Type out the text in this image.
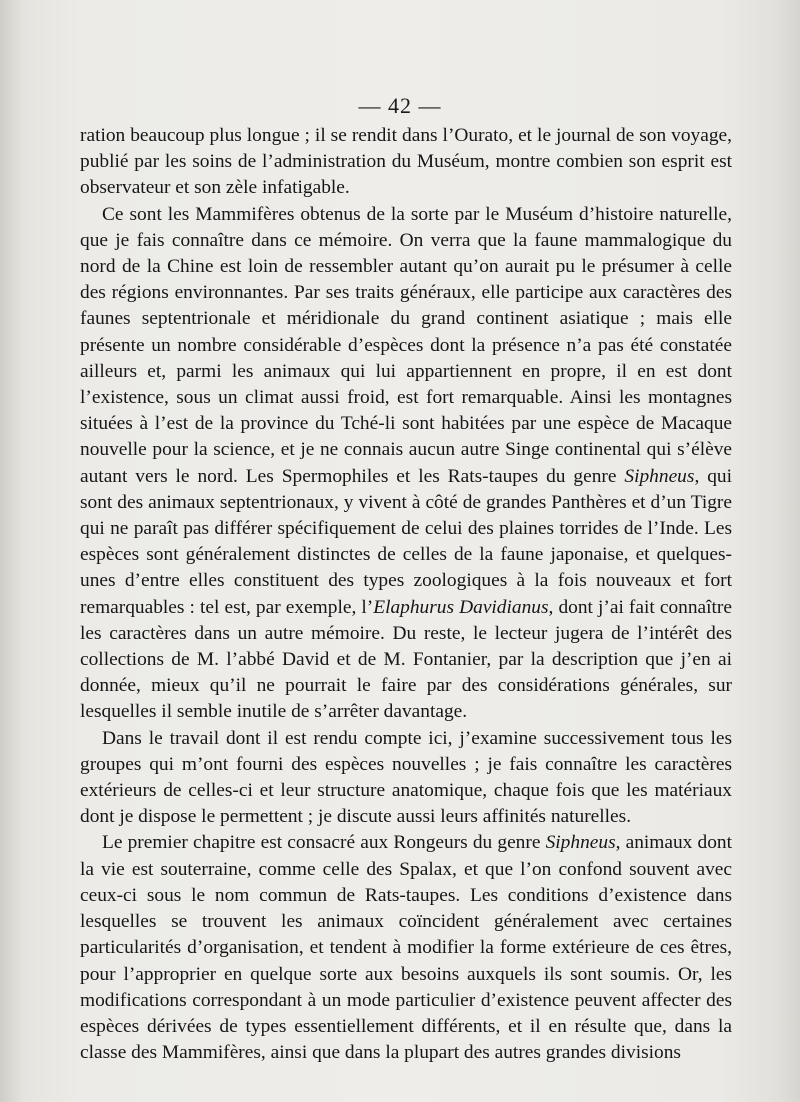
— 42 —

ration beaucoup plus longue ; il se rendit dans l’Ourato, et le journal de son voyage, publié par les soins de l’administration du Muséum, montre combien son esprit est observateur et son zèle infatigable.

Ce sont les Mammifères obtenus de la sorte par le Muséum d’histoire naturelle, que je fais connaître dans ce mémoire. On verra que la faune mammalogique du nord de la Chine est loin de ressembler autant qu’on aurait pu le présumer à celle des régions environnantes. Par ses traits généraux, elle participe aux caractères des faunes septentrionale et méridionale du grand continent asiatique ; mais elle présente un nombre considérable d’espèces dont la présence n’a pas été constatée ailleurs et, parmi les animaux qui lui appartiennent en propre, il en est dont l’existence, sous un climat aussi froid, est fort remarquable. Ainsi les montagnes situées à l’est de la province du Tché-li sont habitées par une espèce de Macaque nouvelle pour la science, et je ne connais aucun autre Singe continental qui s’élève autant vers le nord. Les Spermophiles et les Rats-taupes du genre Siphneus, qui sont des animaux septentrionaux, y vivent à côté de grandes Panthères et d’un Tigre qui ne paraît pas différer spécifiquement de celui des plaines torrides de l’Inde. Les espèces sont généralement distinctes de celles de la faune japonaise, et quelques-unes d’entre elles constituent des types zoologiques à la fois nouveaux et fort remarquables : tel est, par exemple, l’Elaphurus Davidianus, dont j’ai fait connaître les caractères dans un autre mémoire. Du reste, le lecteur jugera de l’intérêt des collections de M. l’abbé David et de M. Fontanier, par la description que j’en ai donnée, mieux qu’il ne pourrait le faire par des considérations générales, sur lesquelles il semble inutile de s’arrêter davantage.

Dans le travail dont il est rendu compte ici, j’examine successivement tous les groupes qui m’ont fourni des espèces nouvelles ; je fais connaître les caractères extérieurs de celles-ci et leur structure anatomique, chaque fois que les matériaux dont je dispose le permettent ; je discute aussi leurs affinités naturelles.

Le premier chapitre est consacré aux Rongeurs du genre Siphneus, animaux dont la vie est souterraine, comme celle des Spalax, et que l’on confond souvent avec ceux-ci sous le nom commun de Rats-taupes. Les conditions d’existence dans lesquelles se trouvent les animaux coïncident généralement avec certaines particularités d’organisation, et tendent à modifier la forme extérieure de ces êtres, pour l’approprier en quelque sorte aux besoins auxquels ils sont soumis. Or, les modifications correspondant à un mode particulier d’existence peuvent affecter des espèces dérivées de types essentiellement différents, et il en résulte que, dans la classe des Mammifères, ainsi que dans la plupart des autres grandes divisions
